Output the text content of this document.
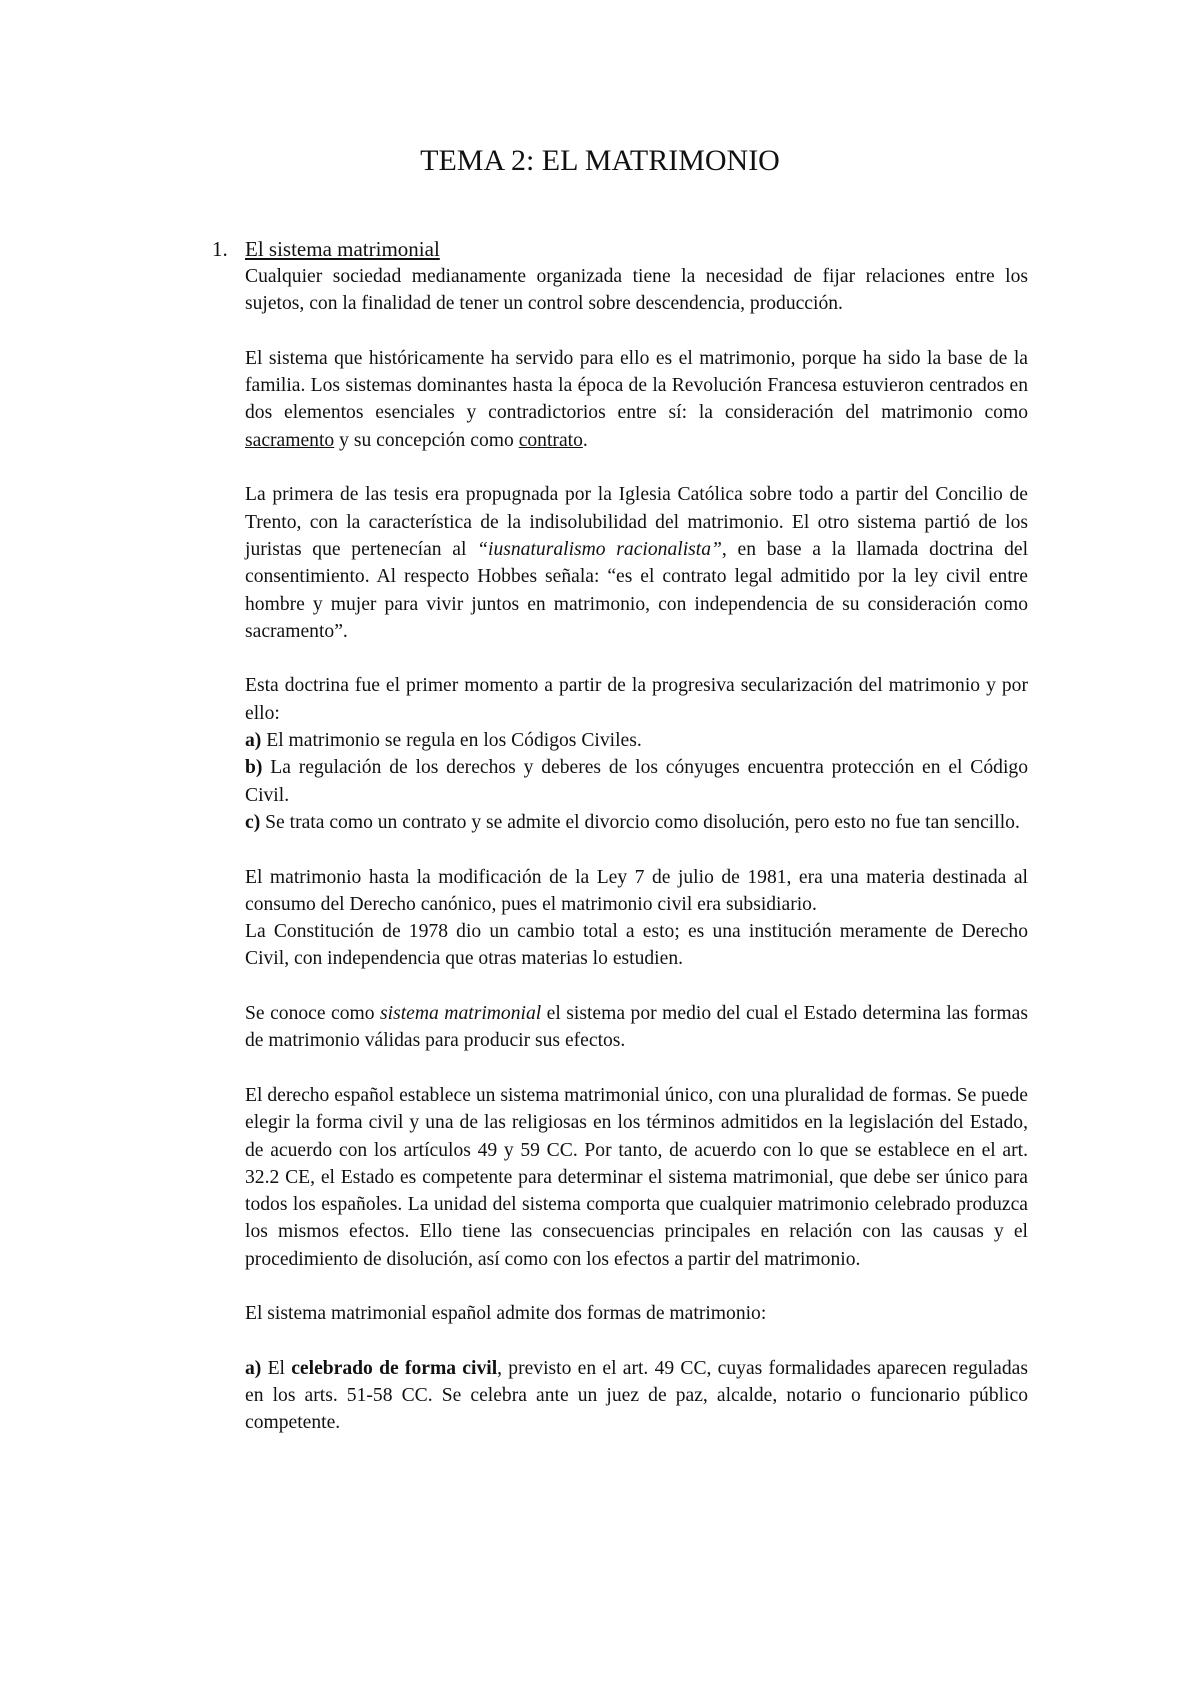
TEMA 2: EL MATRIMONIO
1. El sistema matrimonial

Cualquier sociedad medianamente organizada tiene la necesidad de fijar relaciones entre los sujetos, con la finalidad de tener un control sobre descendencia, producción.

El sistema que históricamente ha servido para ello es el matrimonio, porque ha sido la base de la familia. Los sistemas dominantes hasta la época de la Revolución Francesa estuvieron centrados en dos elementos esenciales y contradictorios entre sí: la consideración del matrimonio como sacramento y su concepción como contrato.

La primera de las tesis era propugnada por la Iglesia Católica sobre todo a partir del Concilio de Trento, con la característica de la indisolubilidad del matrimonio. El otro sistema partió de los juristas que pertenecían al “iusnaturalismo racionalista”, en base a la llamada doctrina del consentimiento. Al respecto Hobbes señala: “es el contrato legal admitido por la ley civil entre hombre y mujer para vivir juntos en matrimonio, con independencia de su consideración como sacramento”.

Esta doctrina fue el primer momento a partir de la progresiva secularización del matrimonio y por ello:

a) El matrimonio se regula en los Códigos Civiles.

b) La regulación de los derechos y deberes de los cónyuges encuentra protección en el Código Civil.

c) Se trata como un contrato y se admite el divorcio como disolución, pero esto no fue tan sencillo.

El matrimonio hasta la modificación de la Ley 7 de julio de 1981, era una materia destinada al consumo del Derecho canónico, pues el matrimonio civil era subsidiario.

La Constitución de 1978 dio un cambio total a esto; es una institución meramente de Derecho Civil, con independencia que otras materias lo estudien.

Se conoce como sistema matrimonial el sistema por medio del cual el Estado determina las formas de matrimonio válidas para producir sus efectos.

El derecho español establece un sistema matrimonial único, con una pluralidad de formas. Se puede elegir la forma civil y una de las religiosas en los términos admitidos en la legislación del Estado, de acuerdo con los artículos 49 y 59 CC. Por tanto, de acuerdo con lo que se establece en el art. 32.2 CE, el Estado es competente para determinar el sistema matrimonial, que debe ser único para todos los españoles. La unidad del sistema comporta que cualquier matrimonio celebrado produzca los mismos efectos. Ello tiene las consecuencias principales en relación con las causas y el procedimiento de disolución, así como con los efectos a partir del matrimonio.

El sistema matrimonial español admite dos formas de matrimonio:

a) El celebrado de forma civil, previsto en el art. 49 CC, cuyas formalidades aparecen reguladas en los arts. 51-58 CC. Se celebra ante un juez de paz, alcalde, notario o funcionario público competente.
